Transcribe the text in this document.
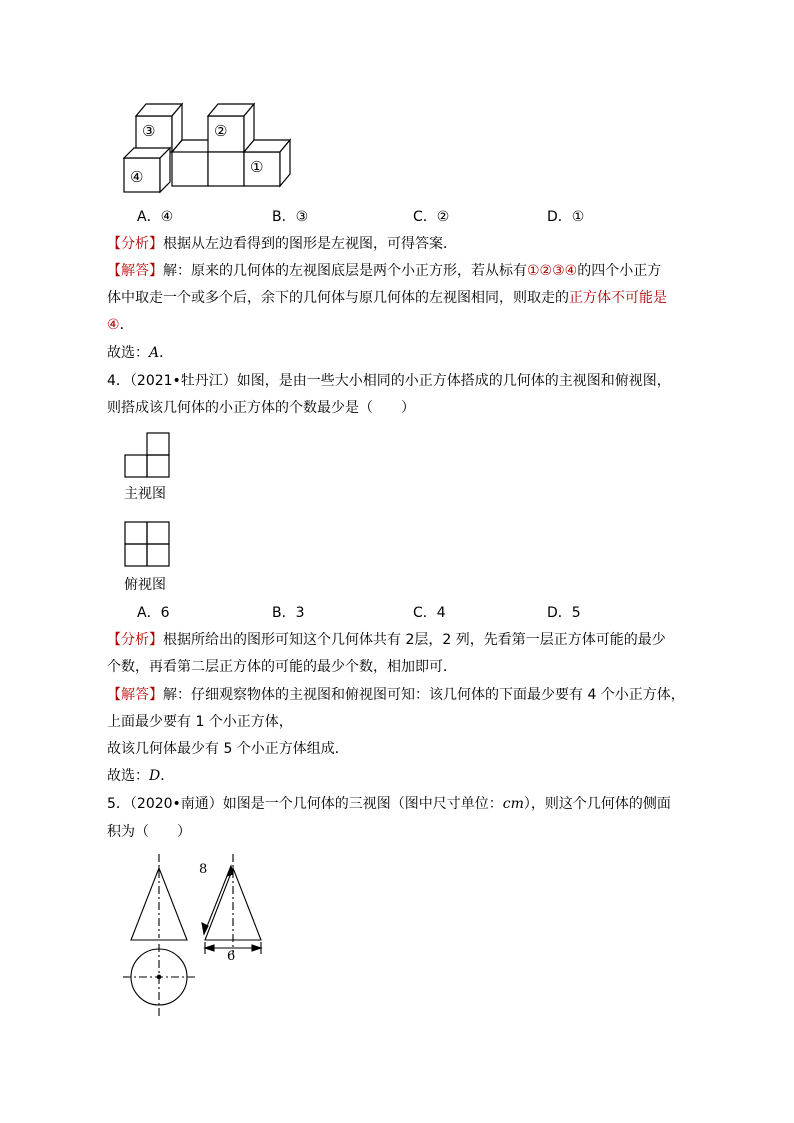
③	②
④
①
A．④	B．③	C．②	D．①
【分析】根据从左边看得到的图形是左视图，可得答案．
【解答】解：原来的几何体的左视图底层是两个小正方形，若从标有①②③④的四个小正方
体中取走一个或多个后，余下的几何体与原几何体的左视图相同，则取走的正方体不可能是
④．
故选：A．
4．（2021•牡丹江）如图，是由一些大小相同的小正方体搭成的几何体的主视图和俯视图，
则搭成该几何体的小正方体的个数最少是（　　）
主视图
俯视图
A．6	B．3	C．4	D．5
【分析】根据所给出的图形可知这个几何体共有 2层，2 列，先看第一层正方体可能的最少
个数，再看第二层正方体的可能的最少个数，相加即可．
【解答】解：仔细观察物体的主视图和俯视图可知：该几何体的下面最少要有 4 个小正方体，
上面最少要有 1 个小正方体，
故该几何体最少有 5 个小正方体组成．
故选：D．
5．（2020•南通）如图是一个几何体的三视图（图中尺寸单位：cm），则这个几何体的侧面
积为（　　）
8
6
